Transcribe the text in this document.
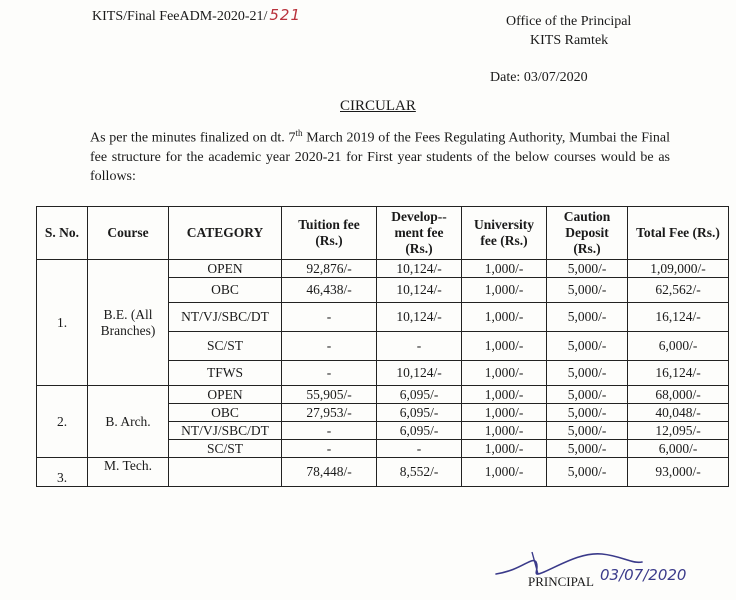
KITS/Final FeeADM-2020-21/ 521	Office of the Principal
KITS Ramtek
Date: 03/07/2020
CIRCULAR
As per the minutes finalized on dt. 7th March 2019 of the Fees Regulating Authority, Mumbai the Final fee structure for the academic year 2020-21 for First year students of the below courses would be as follows:
S. No.	Course	CATEGORY	Tuition fee (Rs.)	Develop-- ment fee (Rs.)	University fee (Rs.)	Caution Deposit (Rs.)	Total Fee (Rs.)
1.	B.E. (All Branches)	OPEN	92,876/-	10,124/-	1,000/-	5,000/-	1,09,000/-
		OBC	46,438/-	10,124/-	1,000/-	5,000/-	62,562/-
		NT/VJ/SBC/DT	-	10,124/-	1,000/-	5,000/-	16,124/-
		SC/ST	-	-	1,000/-	5,000/-	6,000/-
		TFWS	-	10,124/-	1,000/-	5,000/-	16,124/-
2.	B. Arch.	OPEN	55,905/-	6,095/-	1,000/-	5,000/-	68,000/-
		OBC	27,953/-	6,095/-	1,000/-	5,000/-	40,048/-
		NT/VJ/SBC/DT	-	6,095/-	1,000/-	5,000/-	12,095/-
		SC/ST	-	-	1,000/-	5,000/-	6,000/-
3.	M. Tech.		78,448/-	8,552/-	1,000/-	5,000/-	93,000/-
PRINCIPAL 03/07/2020
